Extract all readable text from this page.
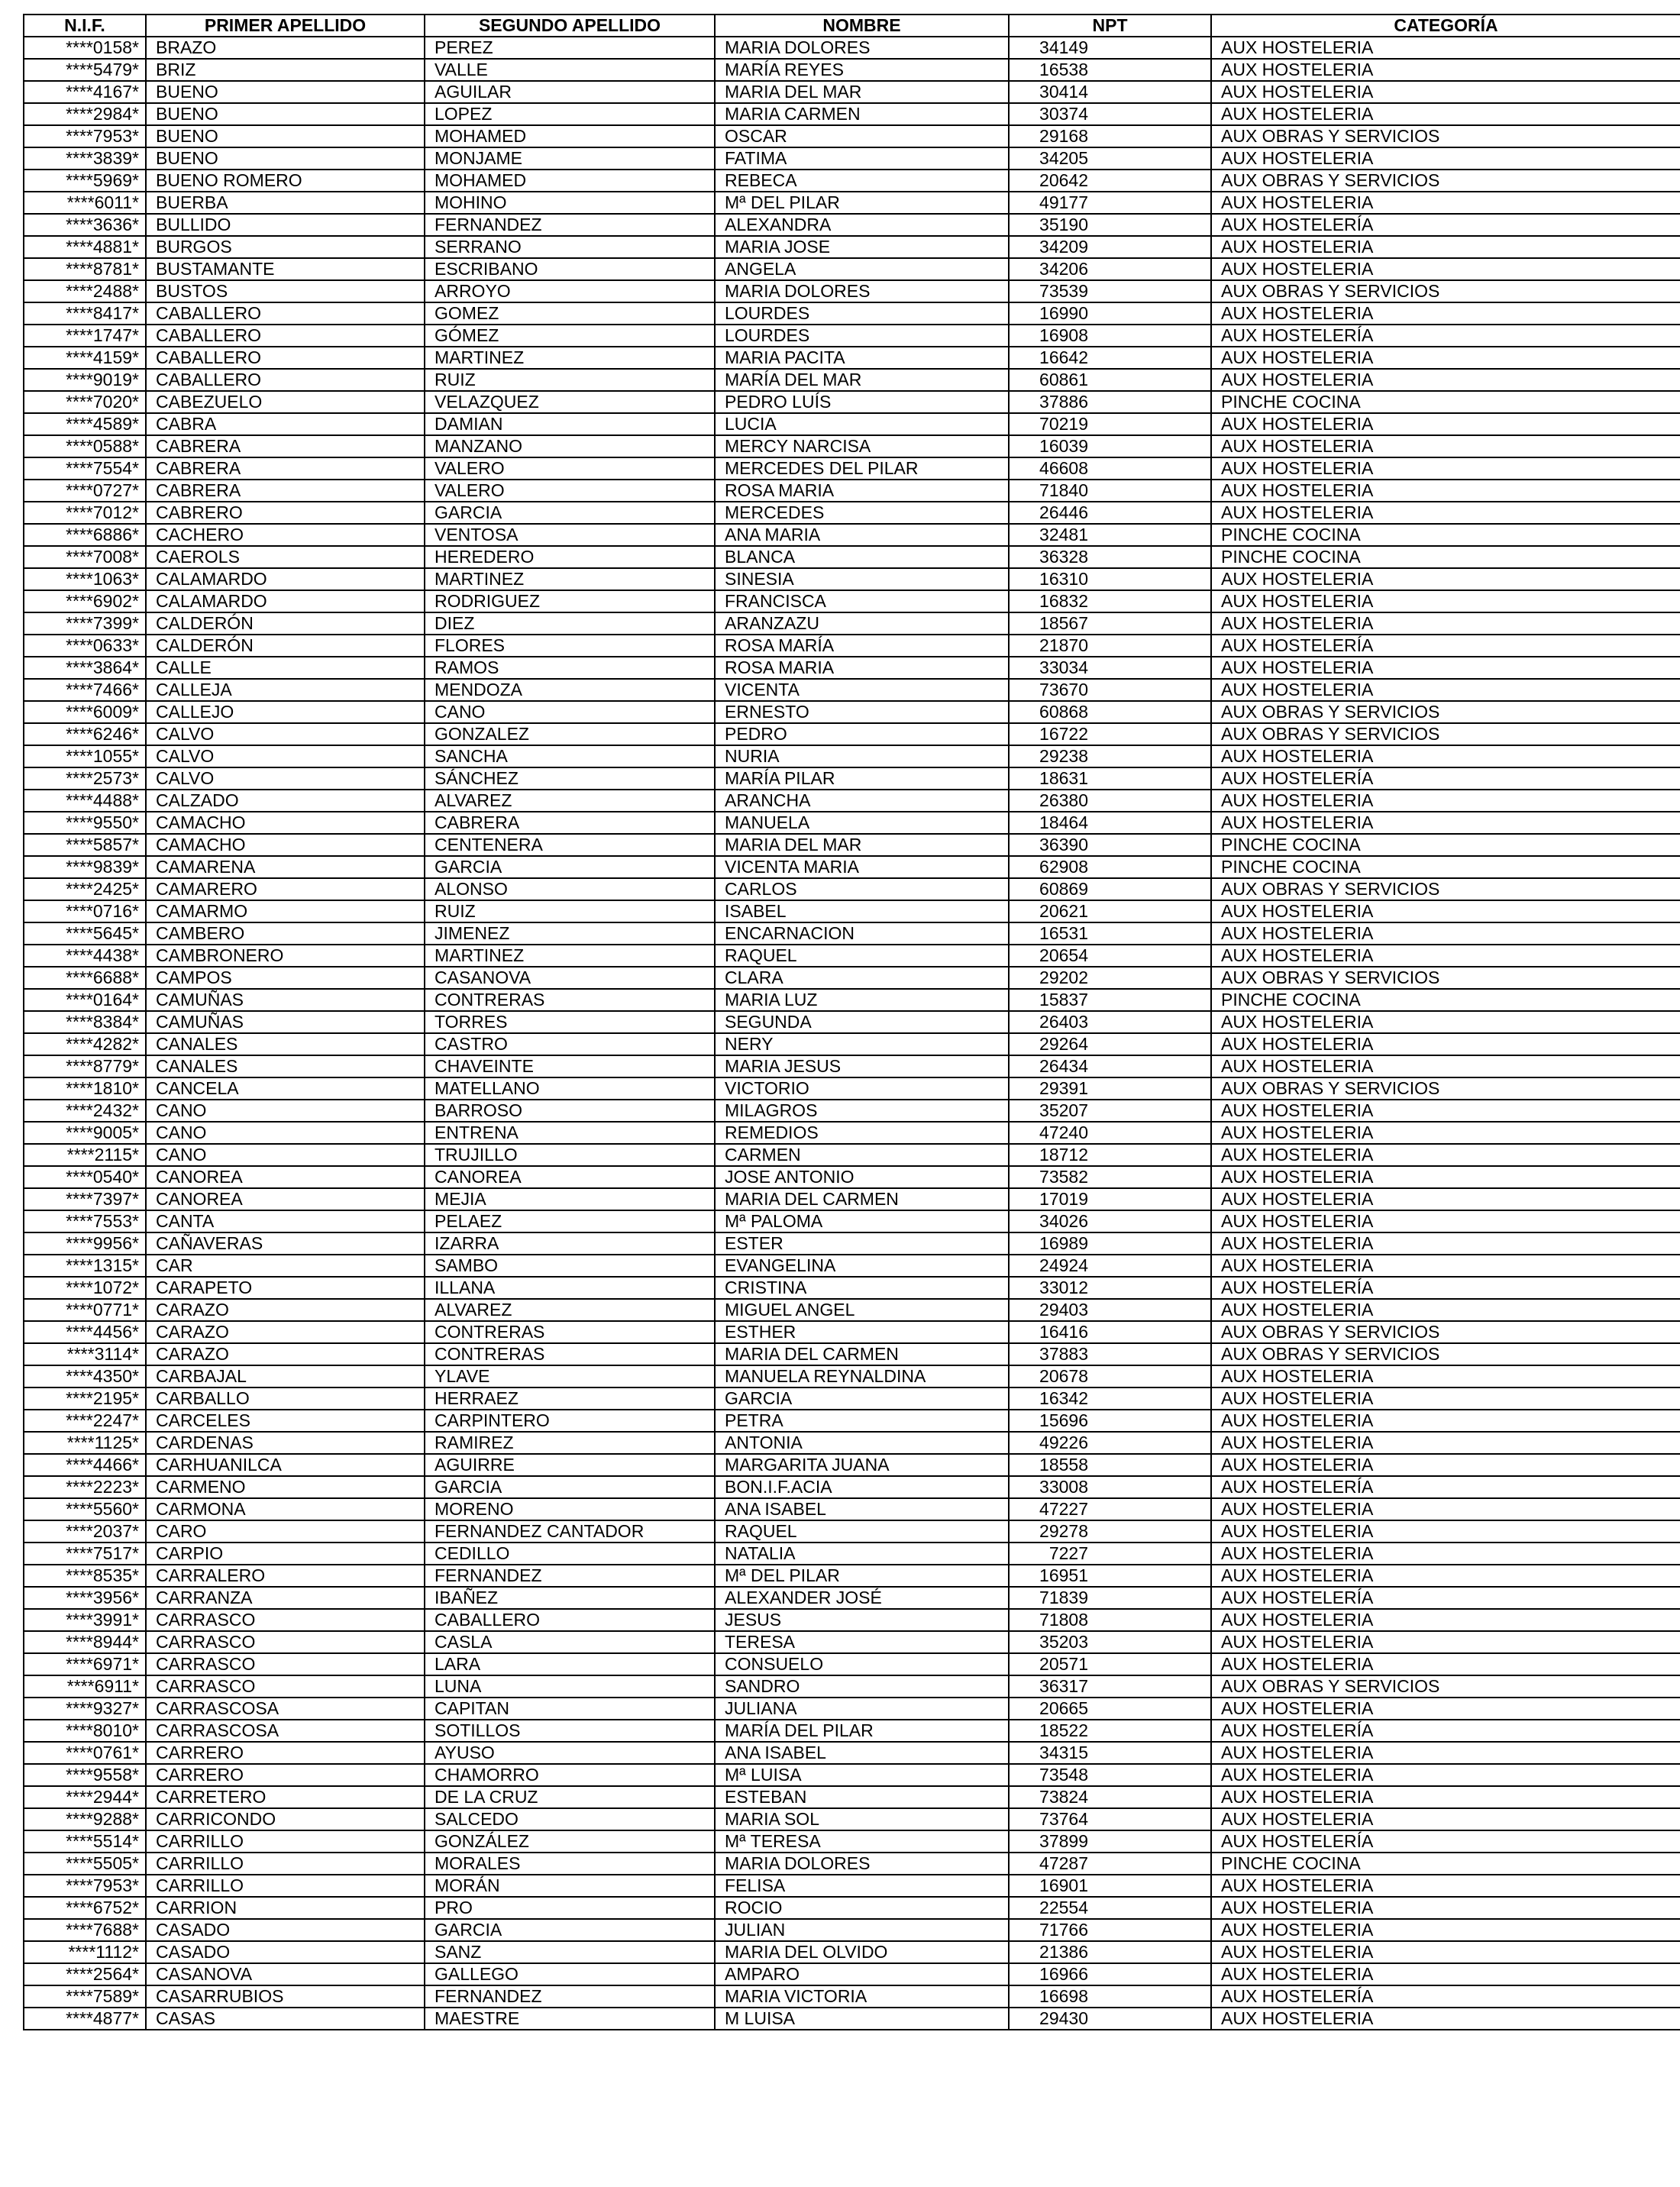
N.I.F.	PRIMER APELLIDO	SEGUNDO APELLIDO	NOMBRE	NPT	CATEGORÍA
****0158*	BRAZO	PEREZ	MARIA DOLORES	34149	AUX HOSTELERIA
****5479*	BRIZ	VALLE	MARÍA REYES	16538	AUX HOSTELERIA
****4167*	BUENO	AGUILAR	MARIA DEL MAR	30414	AUX HOSTELERIA
****2984*	BUENO	LOPEZ	MARIA CARMEN	30374	AUX HOSTELERIA
****7953*	BUENO	MOHAMED	OSCAR	29168	AUX OBRAS Y SERVICIOS
****3839*	BUENO	MONJAME	FATIMA	34205	AUX HOSTELERIA
****5969*	BUENO ROMERO	MOHAMED	REBECA	20642	AUX OBRAS Y SERVICIOS
****6011*	BUERBA	MOHINO	Mª DEL PILAR	49177	AUX HOSTELERIA
****3636*	BULLIDO	FERNANDEZ	ALEXANDRA	35190	AUX HOSTELERÍA
****4881*	BURGOS	SERRANO	MARIA JOSE	34209	AUX HOSTELERIA
****8781*	BUSTAMANTE	ESCRIBANO	ANGELA	34206	AUX HOSTELERIA
****2488*	BUSTOS	ARROYO	MARIA DOLORES	73539	AUX OBRAS Y SERVICIOS
****8417*	CABALLERO	GOMEZ	LOURDES	16990	AUX HOSTELERIA
****1747*	CABALLERO	GÓMEZ	LOURDES	16908	AUX HOSTELERÍA
****4159*	CABALLERO	MARTINEZ	MARIA PACITA	16642	AUX HOSTELERIA
****9019*	CABALLERO	RUIZ	MARÍA DEL MAR	60861	AUX HOSTELERIA
****7020*	CABEZUELO	VELAZQUEZ	PEDRO LUÍS	37886	PINCHE COCINA
****4589*	CABRA	DAMIAN	LUCIA	70219	AUX HOSTELERIA
****0588*	CABRERA	MANZANO	MERCY NARCISA	16039	AUX HOSTELERIA
****7554*	CABRERA	VALERO	MERCEDES DEL PILAR	46608	AUX HOSTELERIA
****0727*	CABRERA	VALERO	ROSA MARIA	71840	AUX HOSTELERIA
****7012*	CABRERO	GARCIA	MERCEDES	26446	AUX HOSTELERIA
****6886*	CACHERO	VENTOSA	ANA MARIA	32481	PINCHE COCINA
****7008*	CAEROLS	HEREDERO	BLANCA	36328	PINCHE COCINA
****1063*	CALAMARDO	MARTINEZ	SINESIA	16310	AUX HOSTELERIA
****6902*	CALAMARDO	RODRIGUEZ	FRANCISCA	16832	AUX HOSTELERIA
****7399*	CALDERÓN	DIEZ	ARANZAZU	18567	AUX HOSTELERIA
****0633*	CALDERÓN	FLORES	ROSA MARÍA	21870	AUX HOSTELERÍA
****3864*	CALLE	RAMOS	ROSA MARIA	33034	AUX HOSTELERIA
****7466*	CALLEJA	MENDOZA	VICENTA	73670	AUX HOSTELERIA
****6009*	CALLEJO	CANO	ERNESTO	60868	AUX OBRAS Y SERVICIOS
****6246*	CALVO	GONZALEZ	PEDRO	16722	AUX OBRAS Y SERVICIOS
****1055*	CALVO	SANCHA	NURIA	29238	AUX HOSTELERIA
****2573*	CALVO	SÁNCHEZ	MARÍA PILAR	18631	AUX HOSTELERÍA
****4488*	CALZADO	ALVAREZ	ARANCHA	26380	AUX HOSTELERIA
****9550*	CAMACHO	CABRERA	MANUELA	18464	AUX HOSTELERIA
****5857*	CAMACHO	CENTENERA	MARIA DEL MAR	36390	PINCHE COCINA
****9839*	CAMARENA	GARCIA	VICENTA MARIA	62908	PINCHE COCINA
****2425*	CAMARERO	ALONSO	CARLOS	60869	AUX OBRAS Y SERVICIOS
****0716*	CAMARMO	RUIZ	ISABEL	20621	AUX HOSTELERIA
****5645*	CAMBERO	JIMENEZ	ENCARNACION	16531	AUX HOSTELERIA
****4438*	CAMBRONERO	MARTINEZ	RAQUEL	20654	AUX HOSTELERIA
****6688*	CAMPOS	CASANOVA	CLARA	29202	AUX OBRAS Y SERVICIOS
****0164*	CAMUÑAS	CONTRERAS	MARIA LUZ	15837	PINCHE COCINA
****8384*	CAMUÑAS	TORRES	SEGUNDA	26403	AUX HOSTELERIA
****4282*	CANALES	CASTRO	NERY	29264	AUX HOSTELERIA
****8779*	CANALES	CHAVEINTE	MARIA JESUS	26434	AUX HOSTELERIA
****1810*	CANCELA	MATELLANO	VICTORIO	29391	AUX OBRAS Y SERVICIOS
****2432*	CANO	BARROSO	MILAGROS	35207	AUX HOSTELERIA
****9005*	CANO	ENTRENA	REMEDIOS	47240	AUX HOSTELERIA
****2115*	CANO	TRUJILLO	CARMEN	18712	AUX HOSTELERIA
****0540*	CANOREA	CANOREA	JOSE ANTONIO	73582	AUX HOSTELERIA
****7397*	CANOREA	MEJIA	MARIA DEL CARMEN	17019	AUX HOSTELERIA
****7553*	CANTA	PELAEZ	Mª PALOMA	34026	AUX HOSTELERIA
****9956*	CAÑAVERAS	IZARRA	ESTER	16989	AUX HOSTELERIA
****1315*	CAR	SAMBO	EVANGELINA	24924	AUX HOSTELERIA
****1072*	CARAPETO	ILLANA	CRISTINA	33012	AUX HOSTELERÍA
****0771*	CARAZO	ALVAREZ	MIGUEL ANGEL	29403	AUX HOSTELERIA
****4456*	CARAZO	CONTRERAS	ESTHER	16416	AUX OBRAS Y SERVICIOS
****3114*	CARAZO	CONTRERAS	MARIA DEL CARMEN	37883	AUX OBRAS Y SERVICIOS
****4350*	CARBAJAL	YLAVE	MANUELA REYNALDINA	20678	AUX HOSTELERIA
****2195*	CARBALLO	HERRAEZ	GARCIA	16342	AUX HOSTELERIA
****2247*	CARCELES	CARPINTERO	PETRA	15696	AUX HOSTELERIA
****1125*	CARDENAS	RAMIREZ	ANTONIA	49226	AUX HOSTELERIA
****4466*	CARHUANILCA	AGUIRRE	MARGARITA JUANA	18558	AUX HOSTELERIA
****2223*	CARMENO	GARCIA	BON.I.F.ACIA	33008	AUX HOSTELERÍA
****5560*	CARMONA	MORENO	ANA ISABEL	47227	AUX HOSTELERIA
****2037*	CARO	FERNANDEZ CANTADOR	RAQUEL	29278	AUX HOSTELERIA
****7517*	CARPIO	CEDILLO	NATALIA	7227	AUX HOSTELERIA
****8535*	CARRALERO	FERNANDEZ	Mª DEL PILAR	16951	AUX HOSTELERIA
****3956*	CARRANZA	IBAÑEZ	ALEXANDER JOSÉ	71839	AUX HOSTELERÍA
****3991*	CARRASCO	CABALLERO	JESUS	71808	AUX HOSTELERIA
****8944*	CARRASCO	CASLA	TERESA	35203	AUX HOSTELERIA
****6971*	CARRASCO	LARA	CONSUELO	20571	AUX HOSTELERIA
****6911*	CARRASCO	LUNA	SANDRO	36317	AUX OBRAS Y SERVICIOS
****9327*	CARRASCOSA	CAPITAN	JULIANA	20665	AUX HOSTELERIA
****8010*	CARRASCOSA	SOTILLOS	MARÍA DEL PILAR	18522	AUX HOSTELERÍA
****0761*	CARRERO	AYUSO	ANA ISABEL	34315	AUX HOSTELERIA
****9558*	CARRERO	CHAMORRO	Mª LUISA	73548	AUX HOSTELERIA
****2944*	CARRETERO	DE LA CRUZ	ESTEBAN	73824	AUX HOSTELERIA
****9288*	CARRICONDO	SALCEDO	MARIA SOL	73764	AUX HOSTELERIA
****5514*	CARRILLO	GONZÁLEZ	Mª TERESA	37899	AUX HOSTELERÍA
****5505*	CARRILLO	MORALES	MARIA DOLORES	47287	PINCHE COCINA
****7953*	CARRILLO	MORÁN	FELISA	16901	AUX HOSTELERIA
****6752*	CARRION	PRO	ROCIO	22554	AUX HOSTELERIA
****7688*	CASADO	GARCIA	JULIAN	71766	AUX HOSTELERIA
****1112*	CASADO	SANZ	MARIA DEL OLVIDO	21386	AUX HOSTELERIA
****2564*	CASANOVA	GALLEGO	AMPARO	16966	AUX HOSTELERIA
****7589*	CASARRUBIOS	FERNANDEZ	MARIA VICTORIA	16698	AUX HOSTELERÍA
****4877*	CASAS	MAESTRE	M LUISA	29430	AUX HOSTELERIA
